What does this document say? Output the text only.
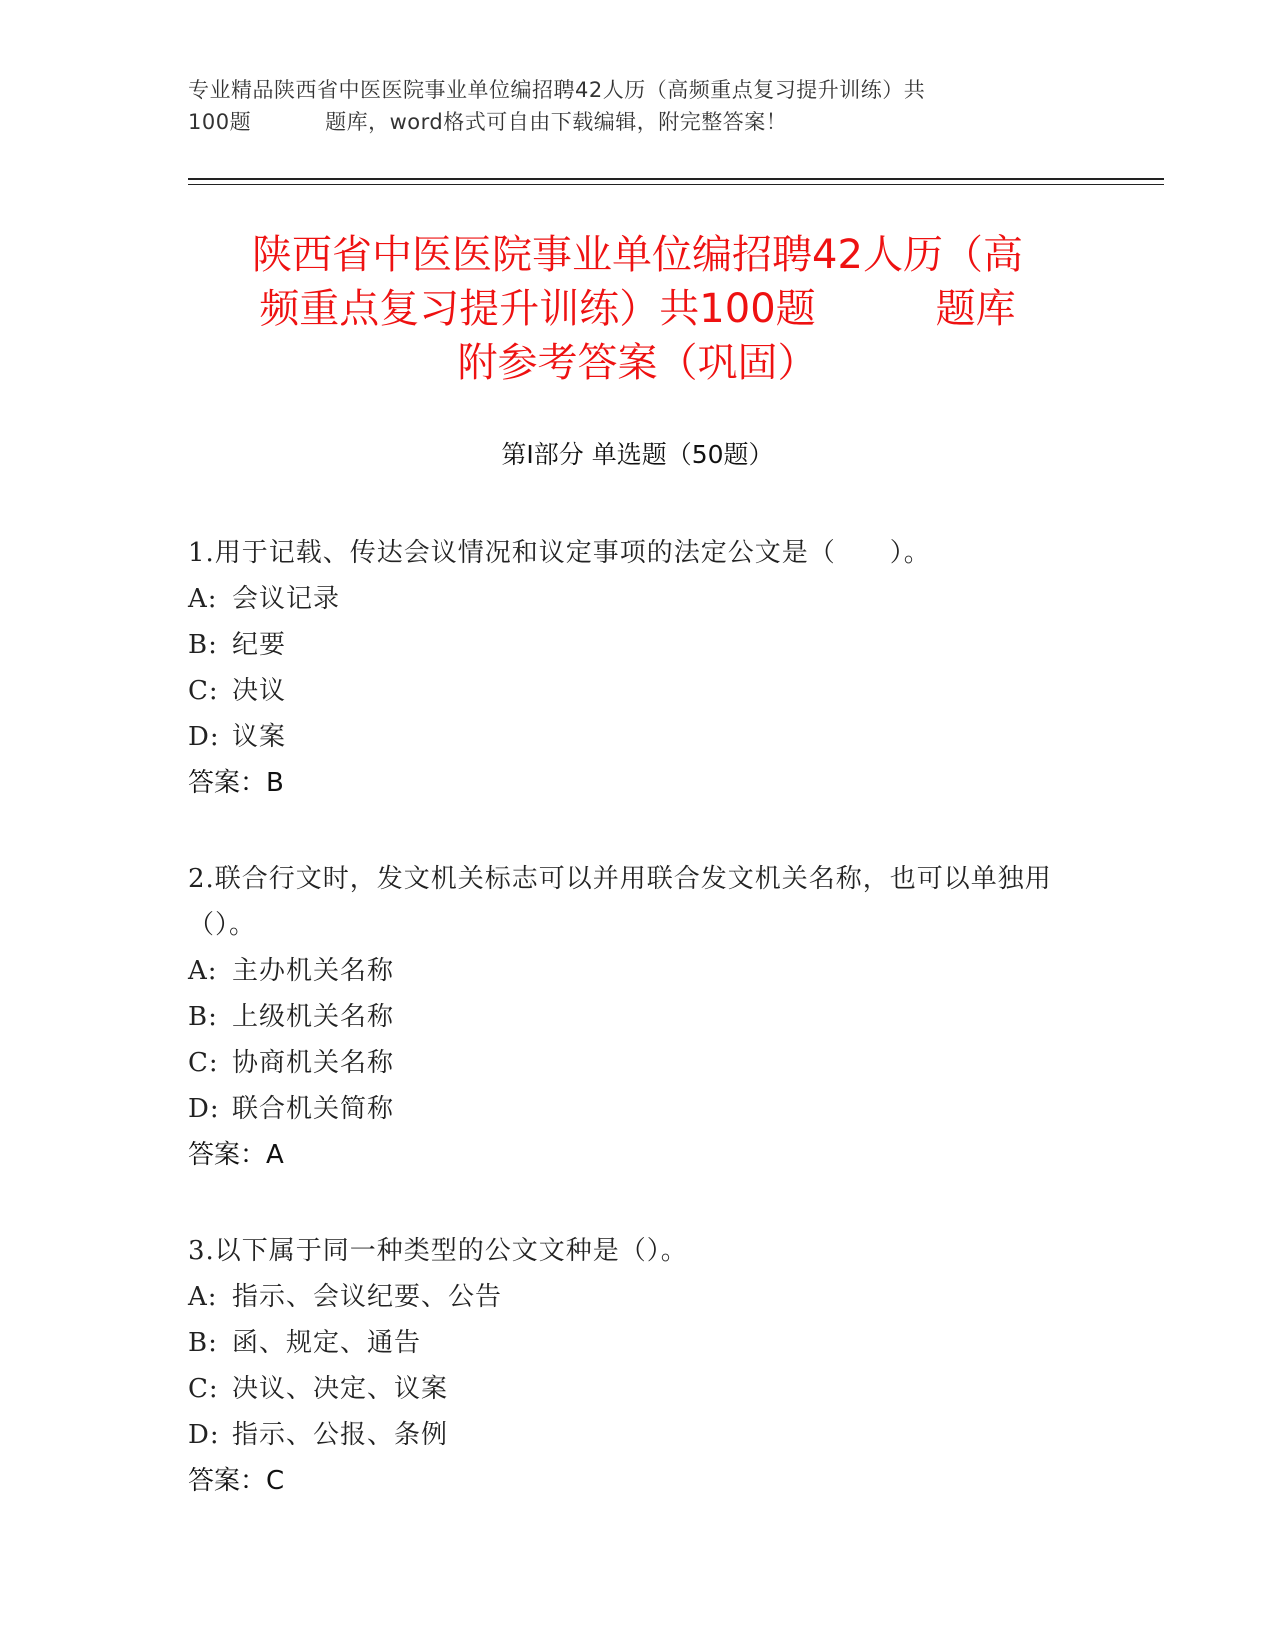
专业精品陕西省中医医院事业单位编招聘42人历（高频重点复习提升训练）共
100题	题库，word格式可自由下载编辑，附完整答案！
陕西省中医医院事业单位编招聘42人历（高
频重点复习提升训练）共100题	题库
附参考答案（巩固）
第I部分 单选题（50题）
1.用于记载、传达会议情况和议定事项的法定公文是（　　）。
A: 会议记录
B: 纪要
C: 决议
D: 议案
答案：B
2.联合行文时，发文机关标志可以并用联合发文机关名称，也可以单独用（）。
A: 主办机关名称
B: 上级机关名称
C: 协商机关名称
D: 联合机关简称
答案：A
3.以下属于同一种类型的公文文种是（）。
A: 指示、会议纪要、公告
B: 函、规定、通告
C: 决议、决定、议案
D: 指示、公报、条例
答案：C
